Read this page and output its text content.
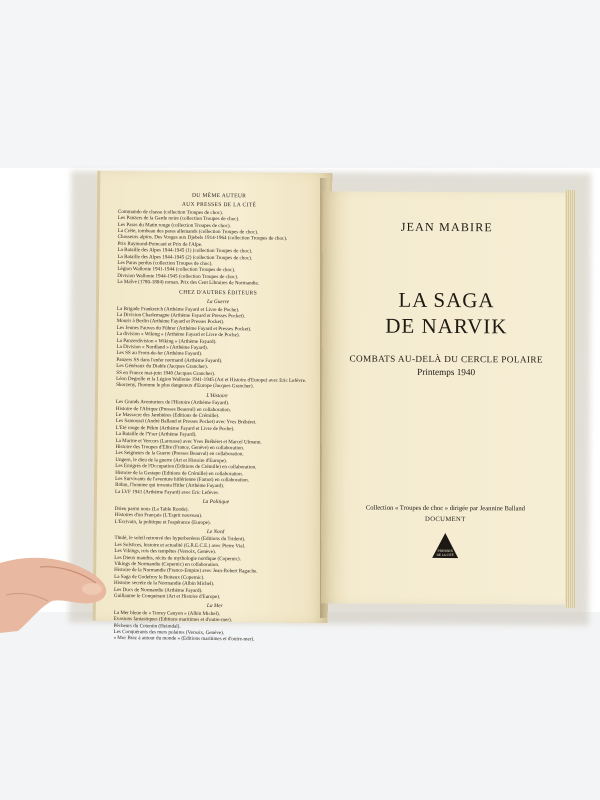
DU MÊME AUTEUR
AUX PRESSES DE LA CITÉ
Commando de chasse (collection Troupes de choc).
Les Panzers de la Garde noire (collection Troupes de choc).
Les Paras du Matin rouge (collection Troupes de choc).
La Crète, tombeau des paras allemands (collection Troupes de choc).
Chasseurs alpins. Des Vosges aux Djebels 1914-1964 (collection Troupes de choc).
Prix Raymond-Poincaré et Prix de l'Alpe.
La Bataille des Alpes 1944-1945 (1) (collection Troupes de choc).
La Bataille des Alpes 1944-1945 (2) (collection Troupes de choc).
Les Paras perdus (collection Troupes de choc).
Légion Wallonie 1941-1944 (collection Troupes de choc).
Division Wallonie 1944-1945 (collection Troupes de choc).
La Maîve (1780-1804) roman. Prix des Cent Libraires de Normandie.
CHEZ D'AUTRES ÉDITEURS
La Guerre
La Brigade Frankreich (Arthème Fayard et Livre de Poche).
La Division Charlemagne (Arthème Fayard et Presses Pocket).
Mourir à Berlin (Arthème Fayard et Presses Pocket).
Les Jeunes Fauves du Führer (Arthème Fayard et Presses Pocket).
La division « Wiking » (Arthème Fayard et Livre de Poche).
La Panzerdivision « Wiking » (Arthème Fayard).
La Division « Nordland » (Arthème Fayard).
Les SS au Front-de-fer (Arthème Fayard).
Panzers SS dans l'enfer normand (Arthème Fayard).
Les Généraux du Diable (Jacques Grancher).
SS en France mai-juin 1940 (Jacques Grancher).
Léon Degrelle et la Légion Wallonie 1941-1945 (Art et Histoire d'Europe) avec Eric Lefèvre.
Skorzeny, l'homme le plus dangereux d'Europe (Jacques Grancher).
L'Histoire
Les Grands Aventuriers de l'Histoire (Arthème Fayard).
Histoire de l'Afrique (Presses Beauval) en collaboration.
Le Massacre des Jambières (Éditions de Crémille).
Les Samouraï (André Balland et Presses Pocket) avec Yves Bréhéret.
L'Été rouge de Pékin (Arthème Fayard et Livre de Poche).
La Bataille de l'Yser (Arthème Fayard).
La Marine et Vercors (Larousse) avec Yves Bréhéret et Marcel Ulmann.
Histoire des Troupes d'Élite (France, Genève) en collaboration.
Les Seigneurs de la Guerre (Presses Beauval) en collaboration.
Ungern, le dieu de la guerre (Art et Histoire d'Europe).
Les Émigrés de l'Occupation (Éditions de Crémille) en collaboration.
Histoire de la Gestapo (Éditions de Crémille) en collaboration.
Les Survivants de l'aventure hitlérienne (Famot) en collaboration.
Röhm, l'homme qui inventa Hitler (Arthème Fayard).
La LVF 1941 (Arthème Fayard) avec Éric Lefèvre.
La Politique
Drieu parmi nous (La Table Ronde).
Histoires d'un Français (L'Esprit nouveau).
L'Écrivain, la politique et l'espérance (Europe).
Le Nord
Thulé, le soleil retrouvé des hyperboréens (Éditions du Trident).
Les Solstices, histoire et actualité (G.R.E.C.E.) avec Pierre Vial.
Les Vikings, rois des tempêtes (Versoix, Genève).
Les Dieux maudits, récits de mythologie nordique (Copernic).
Vikings de Normandie (Copernic) en collaboration.
Histoire de la Normandie (France-Empire) avec Jean-Robert Ragache.
La Saga de Godefroy le Boiteux (Copernic).
Histoire secrète de la Normandie (Albin Michel).
Les Ducs de Normandie (Arthème Fayard).
Guillaume le Conquérant (Art et Histoire d'Europe).
La Mer
La Mer bleue de « Torrey Canyon » (Albin Michel).
Évasions fantastiques (Éditions maritimes et d'outre-mer).
Pêcheurs du Cotentin (Heimdal).
Les Conquérants des mers polaires (Versoix, Genève).
« Mor Braz à autour du monde » (Éditions maritimes et d'outre-mer).
JEAN MABIRE
LA SAGA
DE NARVIK
COMBATS AU-DELÀ DU CERCLE POLAIRE
Printemps 1940
Collection « Troupes de choc » dirigée par Jeannine Balland
DOCUMENT
PRESSES
DE LA CITÉ
